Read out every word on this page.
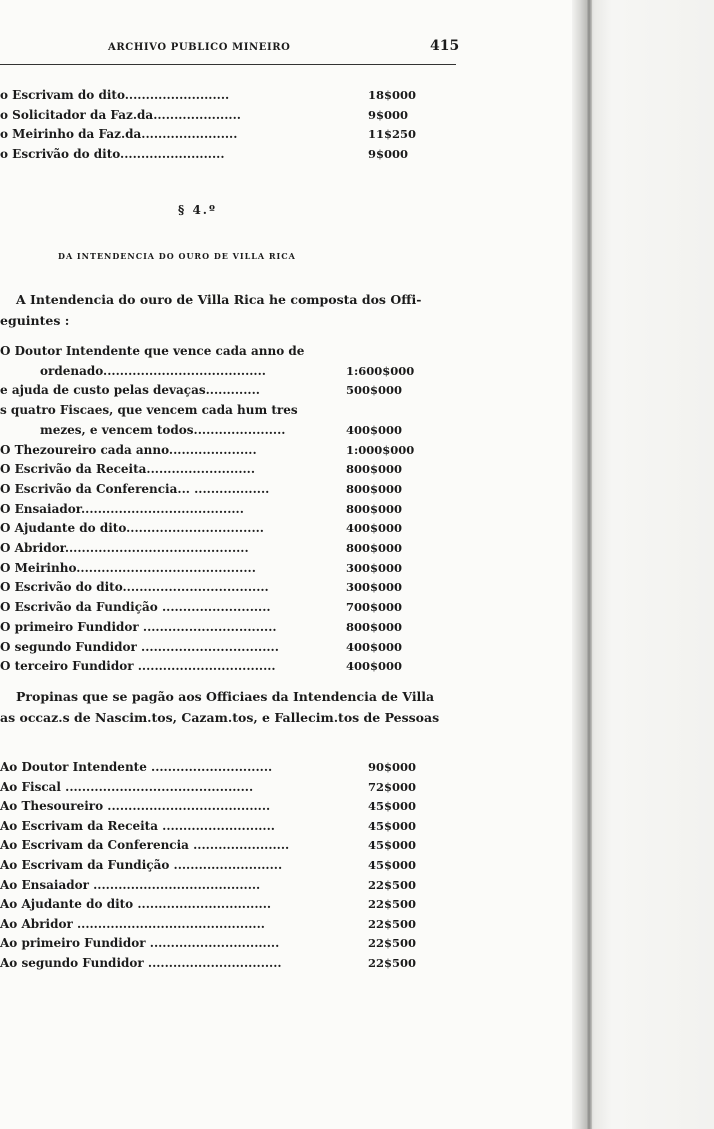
ARCHIVO PUBLICO MINEIRO	415
o Escrivam do dito.........................	18$000
o Solicitador da Faz.da.....................	9$000
o Meirinho da Faz.da.......................	11$250
o Escrivão do dito.........................	9$000
§ 4.º
DA INTENDENCIA DO OURO DE VILLA RICA
A Intendencia do ouro de Villa Rica he composta dos Offi-
eguintes :
O Doutor Intendente que vence cada anno de
ordenado.......................................	1:600$000
e ajuda de custo pelas devaças.............	500$000
s quatro Fiscaes, que vencem cada hum tres
mezes, e vencem todos......................	400$000
O Thezoureiro cada anno.....................	1:000$000
O Escrivão da Receita..........................	800$000
O Escrivão da Conferencia... ..................	800$000
O Ensaiador.......................................	800$000
O Ajudante do dito.................................	400$000
O Abridor............................................	800$000
O Meirinho...........................................	300$000
O Escrivão do dito...................................	300$000
O Escrivão da Fundição ..........................	700$000
O primeiro Fundidor ................................	800$000
O segundo Fundidor .................................	400$000
O terceiro Fundidor .................................	400$000
Propinas que se pagão aos Officiaes da Intendencia de Villa
as occaz.s de Nascim.tos, Cazam.tos, e Fallecim.tos de Pessoas
Ao Doutor Intendente .............................	90$000
Ao Fiscal .............................................	72$000
Ao Thesoureiro .......................................	45$000
Ao Escrivam da Receita ...........................	45$000
Ao Escrivam da Conferencia .......................	45$000
Ao Escrivam da Fundição ..........................	45$000
Ao Ensaiador ........................................	22$500
Ao Ajudante do dito ................................	22$500
Ao Abridor .............................................	22$500
Ao primeiro Fundidor ...............................	22$500
Ao segundo Fundidor ................................	22$500
